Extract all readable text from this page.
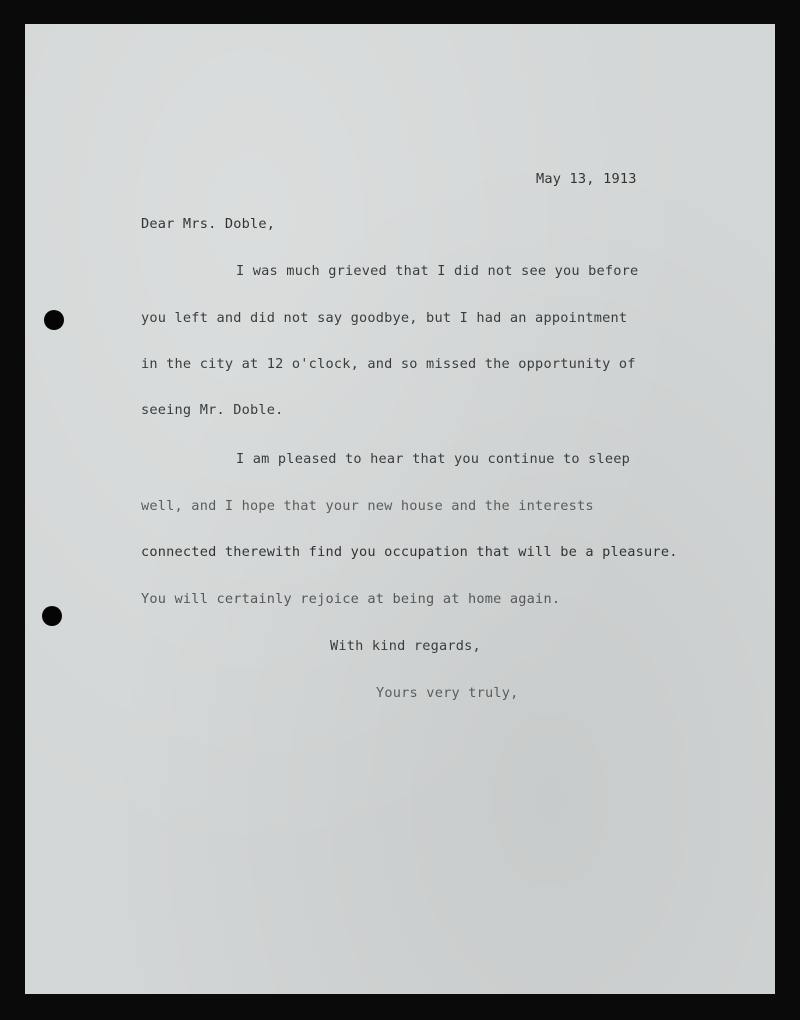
May 13, 1913

Dear Mrs. Doble,

I was much grieved that I did not see you before

you left and did not say goodbye, but I had an appointment

in the city at 12 o'clock, and so missed the opportunity of

seeing Mr. Doble.

I am pleased to hear that you continue to sleep

well, and I hope that your new house and the interests

connected therewith find you occupation that will be a pleasure.

You will certainly rejoice at being at home again.

With kind regards,

Yours very truly,
